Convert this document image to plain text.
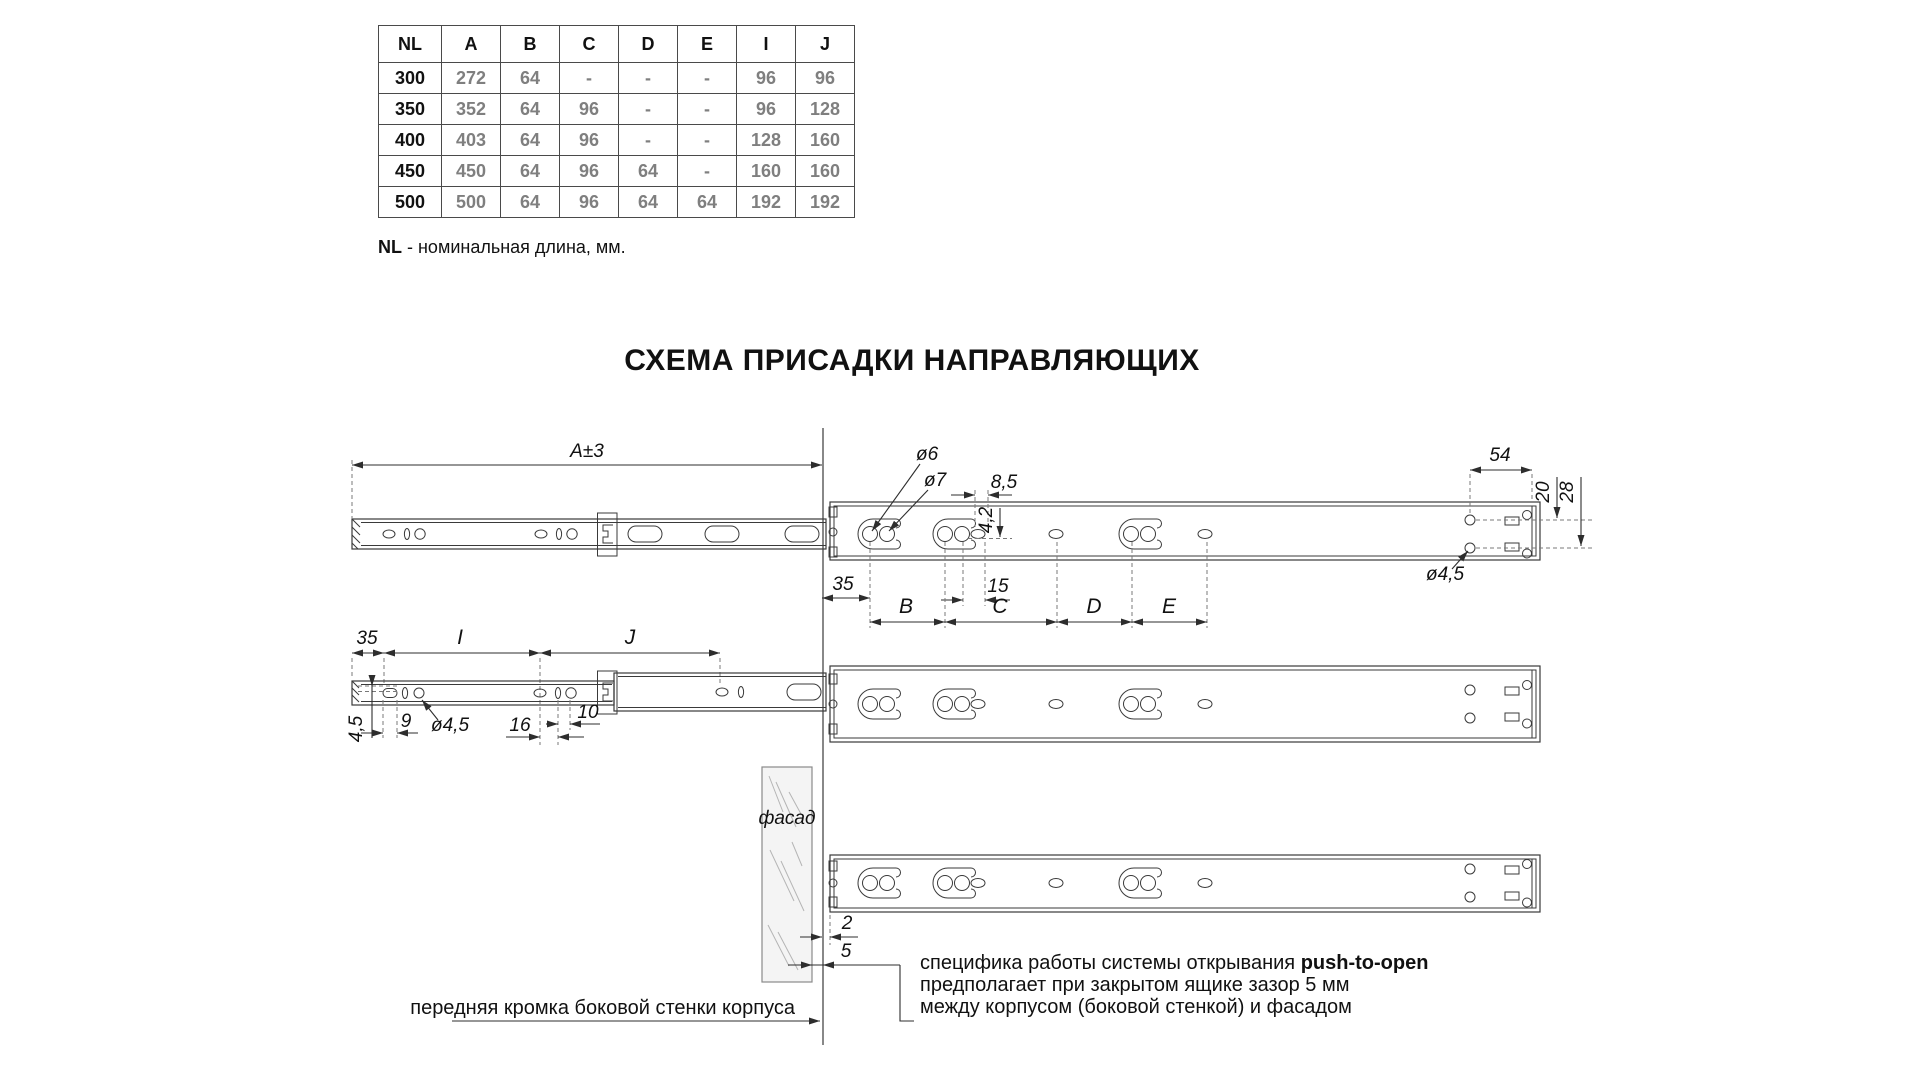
NL	A	B	C	D	E	I	J
300	272	64	-	-	-	96	96
350	352	64	96	-	-	96	128
400	403	64	96	-	-	128	160
450	450	64	96	64	-	160	160
500	500	64	96	64	64	192	192
NL - номинальная длина, мм.
СХЕМА ПРИСАДКИ НАПРАВЛЯЮЩИХ
A±3	ø6
ø7 8,5
4,2
54
20 28
ø4,5
35	15
B	C	D	E
35	I	J
4,5 9 ø4,5 16
10
фасад
2
5
специфика работы системы открывания push-to-open
предполагает при закрытом ящике зазор 5 мм
между корпусом (боковой стенкой) и фасадом
передняя кромка боковой стенки корпуса
